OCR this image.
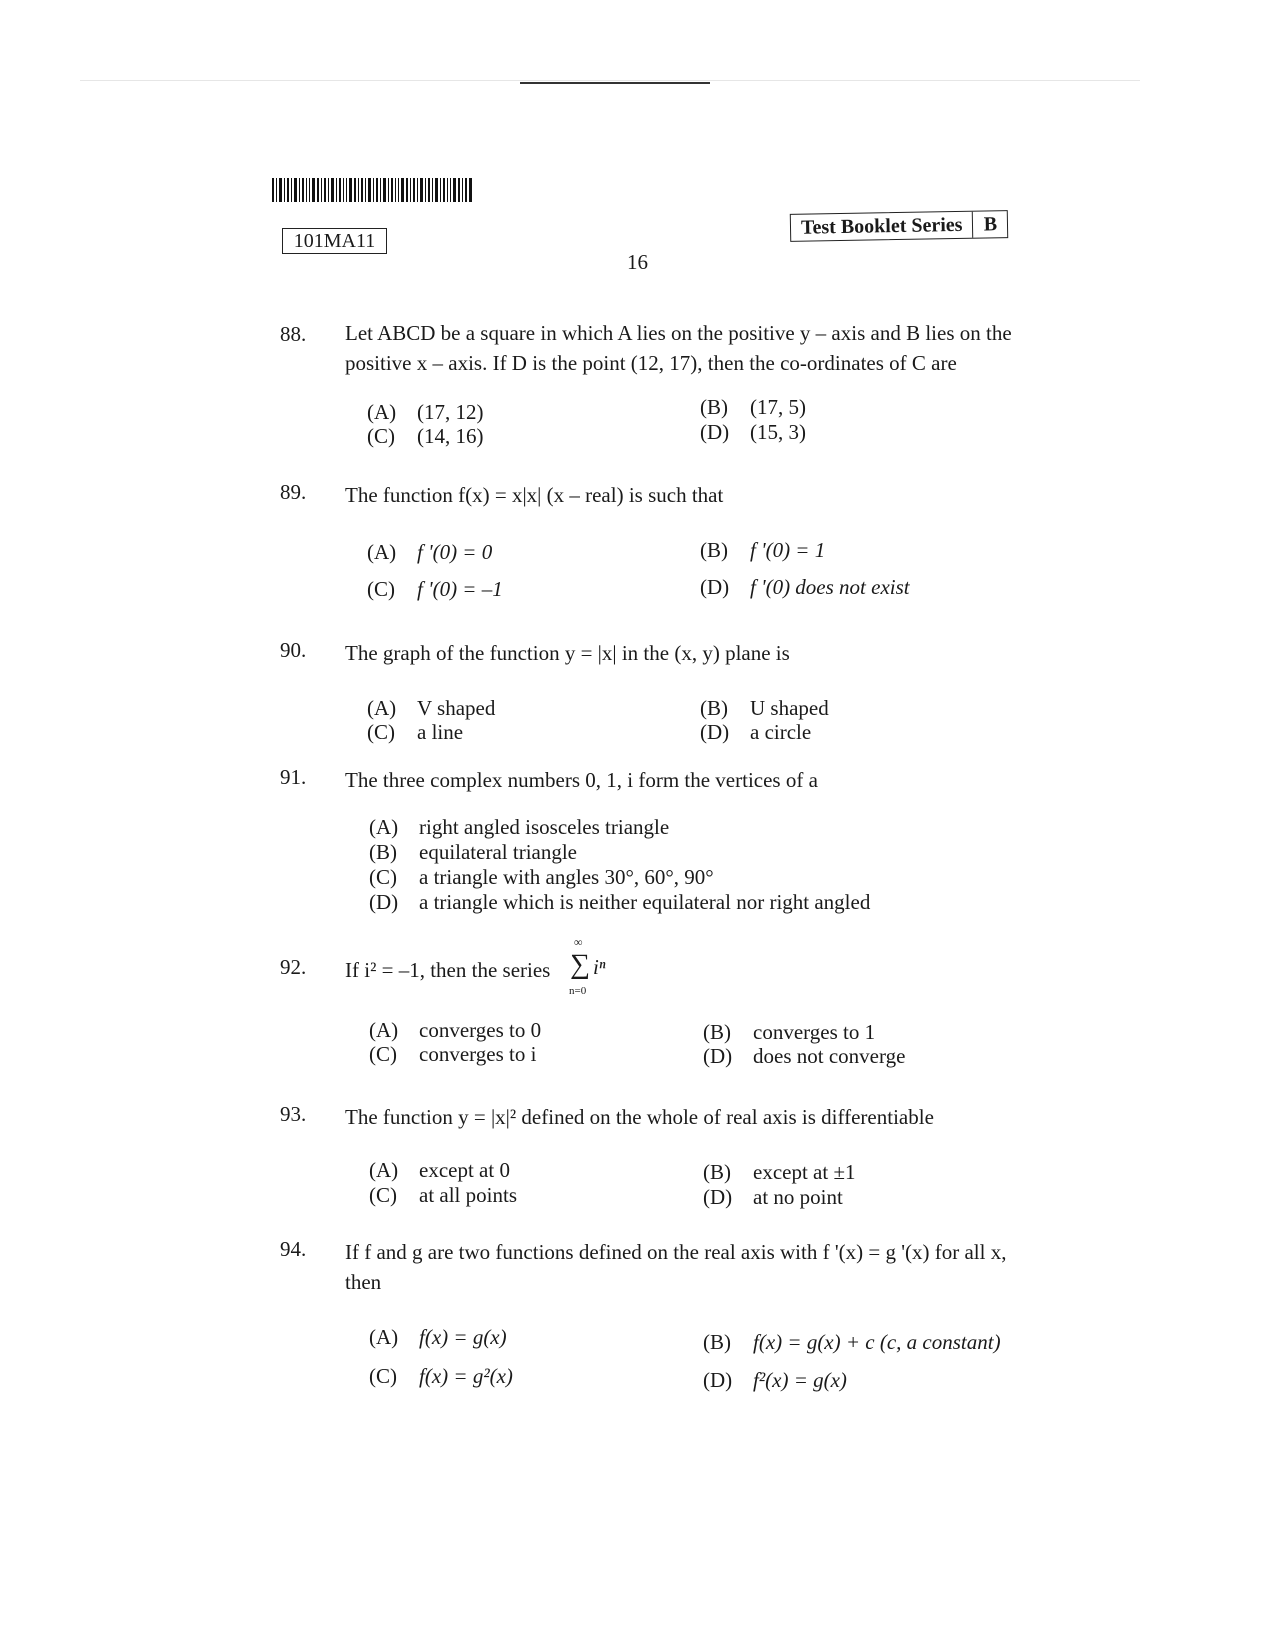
101MA11
Test Booklet Series	B
16
88. Let ABCD be a square in which A lies on the positive y – axis and B lies on the positive x – axis. If D is the point (12, 17), then the co-ordinates of C are
(A) (17, 12)	(B) (17, 5)
(C) (14, 16)	(D) (15, 3)
89. The function f(x) = x|x| (x – real) is such that
(A) f '(0) = 0	(B) f '(0) = 1
(C) f '(0) = –1	(D) f '(0) does not exist
90. The graph of the function y = |x| in the (x, y) plane is
(A) V shaped	(B) U shaped
(C) a line	(D) a circle
91. The three complex numbers 0, 1, i form the vertices of a
(A) right angled isosceles triangle
(B) equilateral triangle
(C) a triangle with angles 30°, 60°, 90°
(D) a triangle which is neither equilateral nor right angled
92. If i² = –1, then the series
∞
∑ iⁿ
n=0
(A) converges to 0	(B) converges to 1
(C) converges to i	(D) does not converge
93. The function y = |x|² defined on the whole of real axis is differentiable
(A) except at 0	(B) except at ±1
(C) at all points	(D) at no point
94. If f and g are two functions defined on the real axis with f '(x) = g '(x) for all x, then
(A) f(x) = g(x)	(B) f(x) = g(x) + c (c, a constant)
(C) f(x) = g²(x)	(D) f²(x) = g(x)
